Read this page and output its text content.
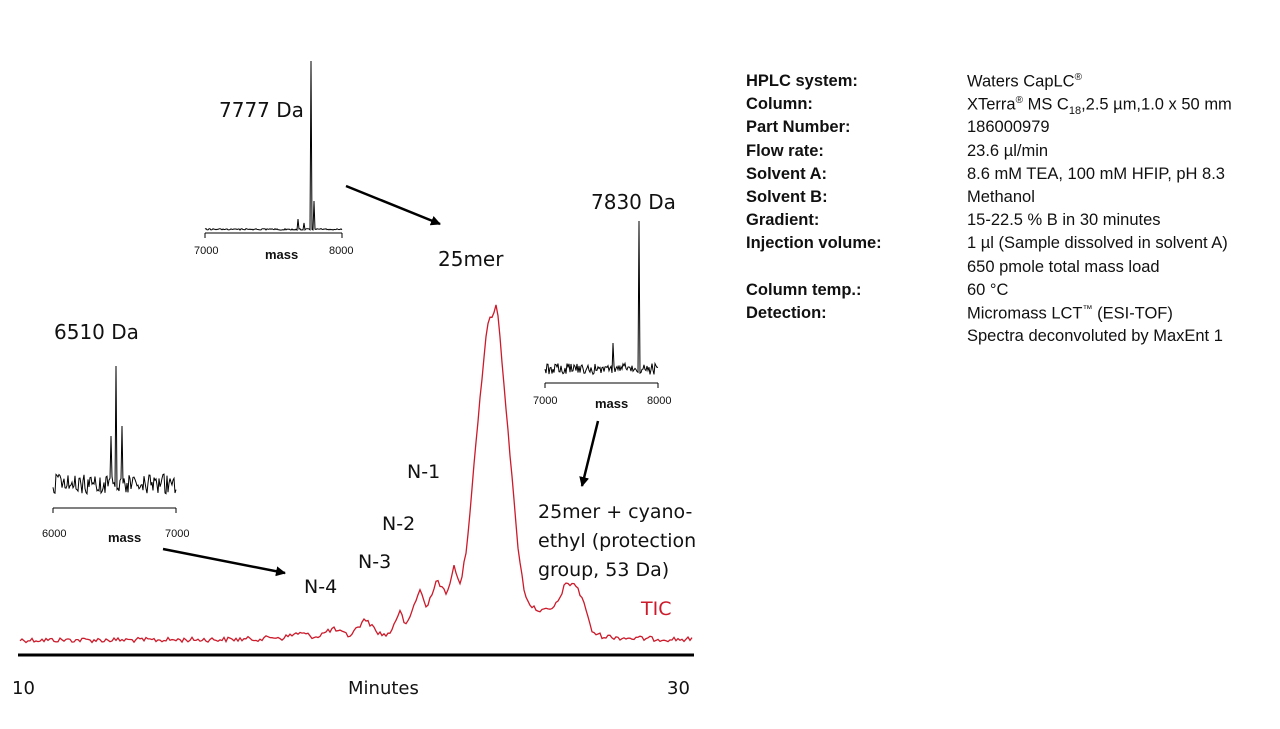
7777 Da
7830 Da
6510 Da
7000	mass	8000
7000	mass 8000
6000	mass 7000
25mer
N-1
N-2
N-3
N-4
25mer + cyano-
ethyl (protection
group, 53 Da)
TIC
10	Minutes	30
HPLC system:	Waters CapLC®
Column:	XTerra® MS $C_{18},2.5$ µm,1.0 x 50 mm
Part Number:	186000979
Flow rate:	23.6 µl/min
Solvent A:	8.6 mM TEA, 100 mM HFIP, pH 8.3
Solvent B:	Methanol
Gradient:	15-22.5 % B in 30 minutes
Injection volume:	1 µl (Sample dissolved in solvent A)
650 pmole total mass load
Column temp.:	60 °C
Detection:	Micromass LCT™ (ESI-TOF)
Spectra deconvoluted by MaxEnt 1
